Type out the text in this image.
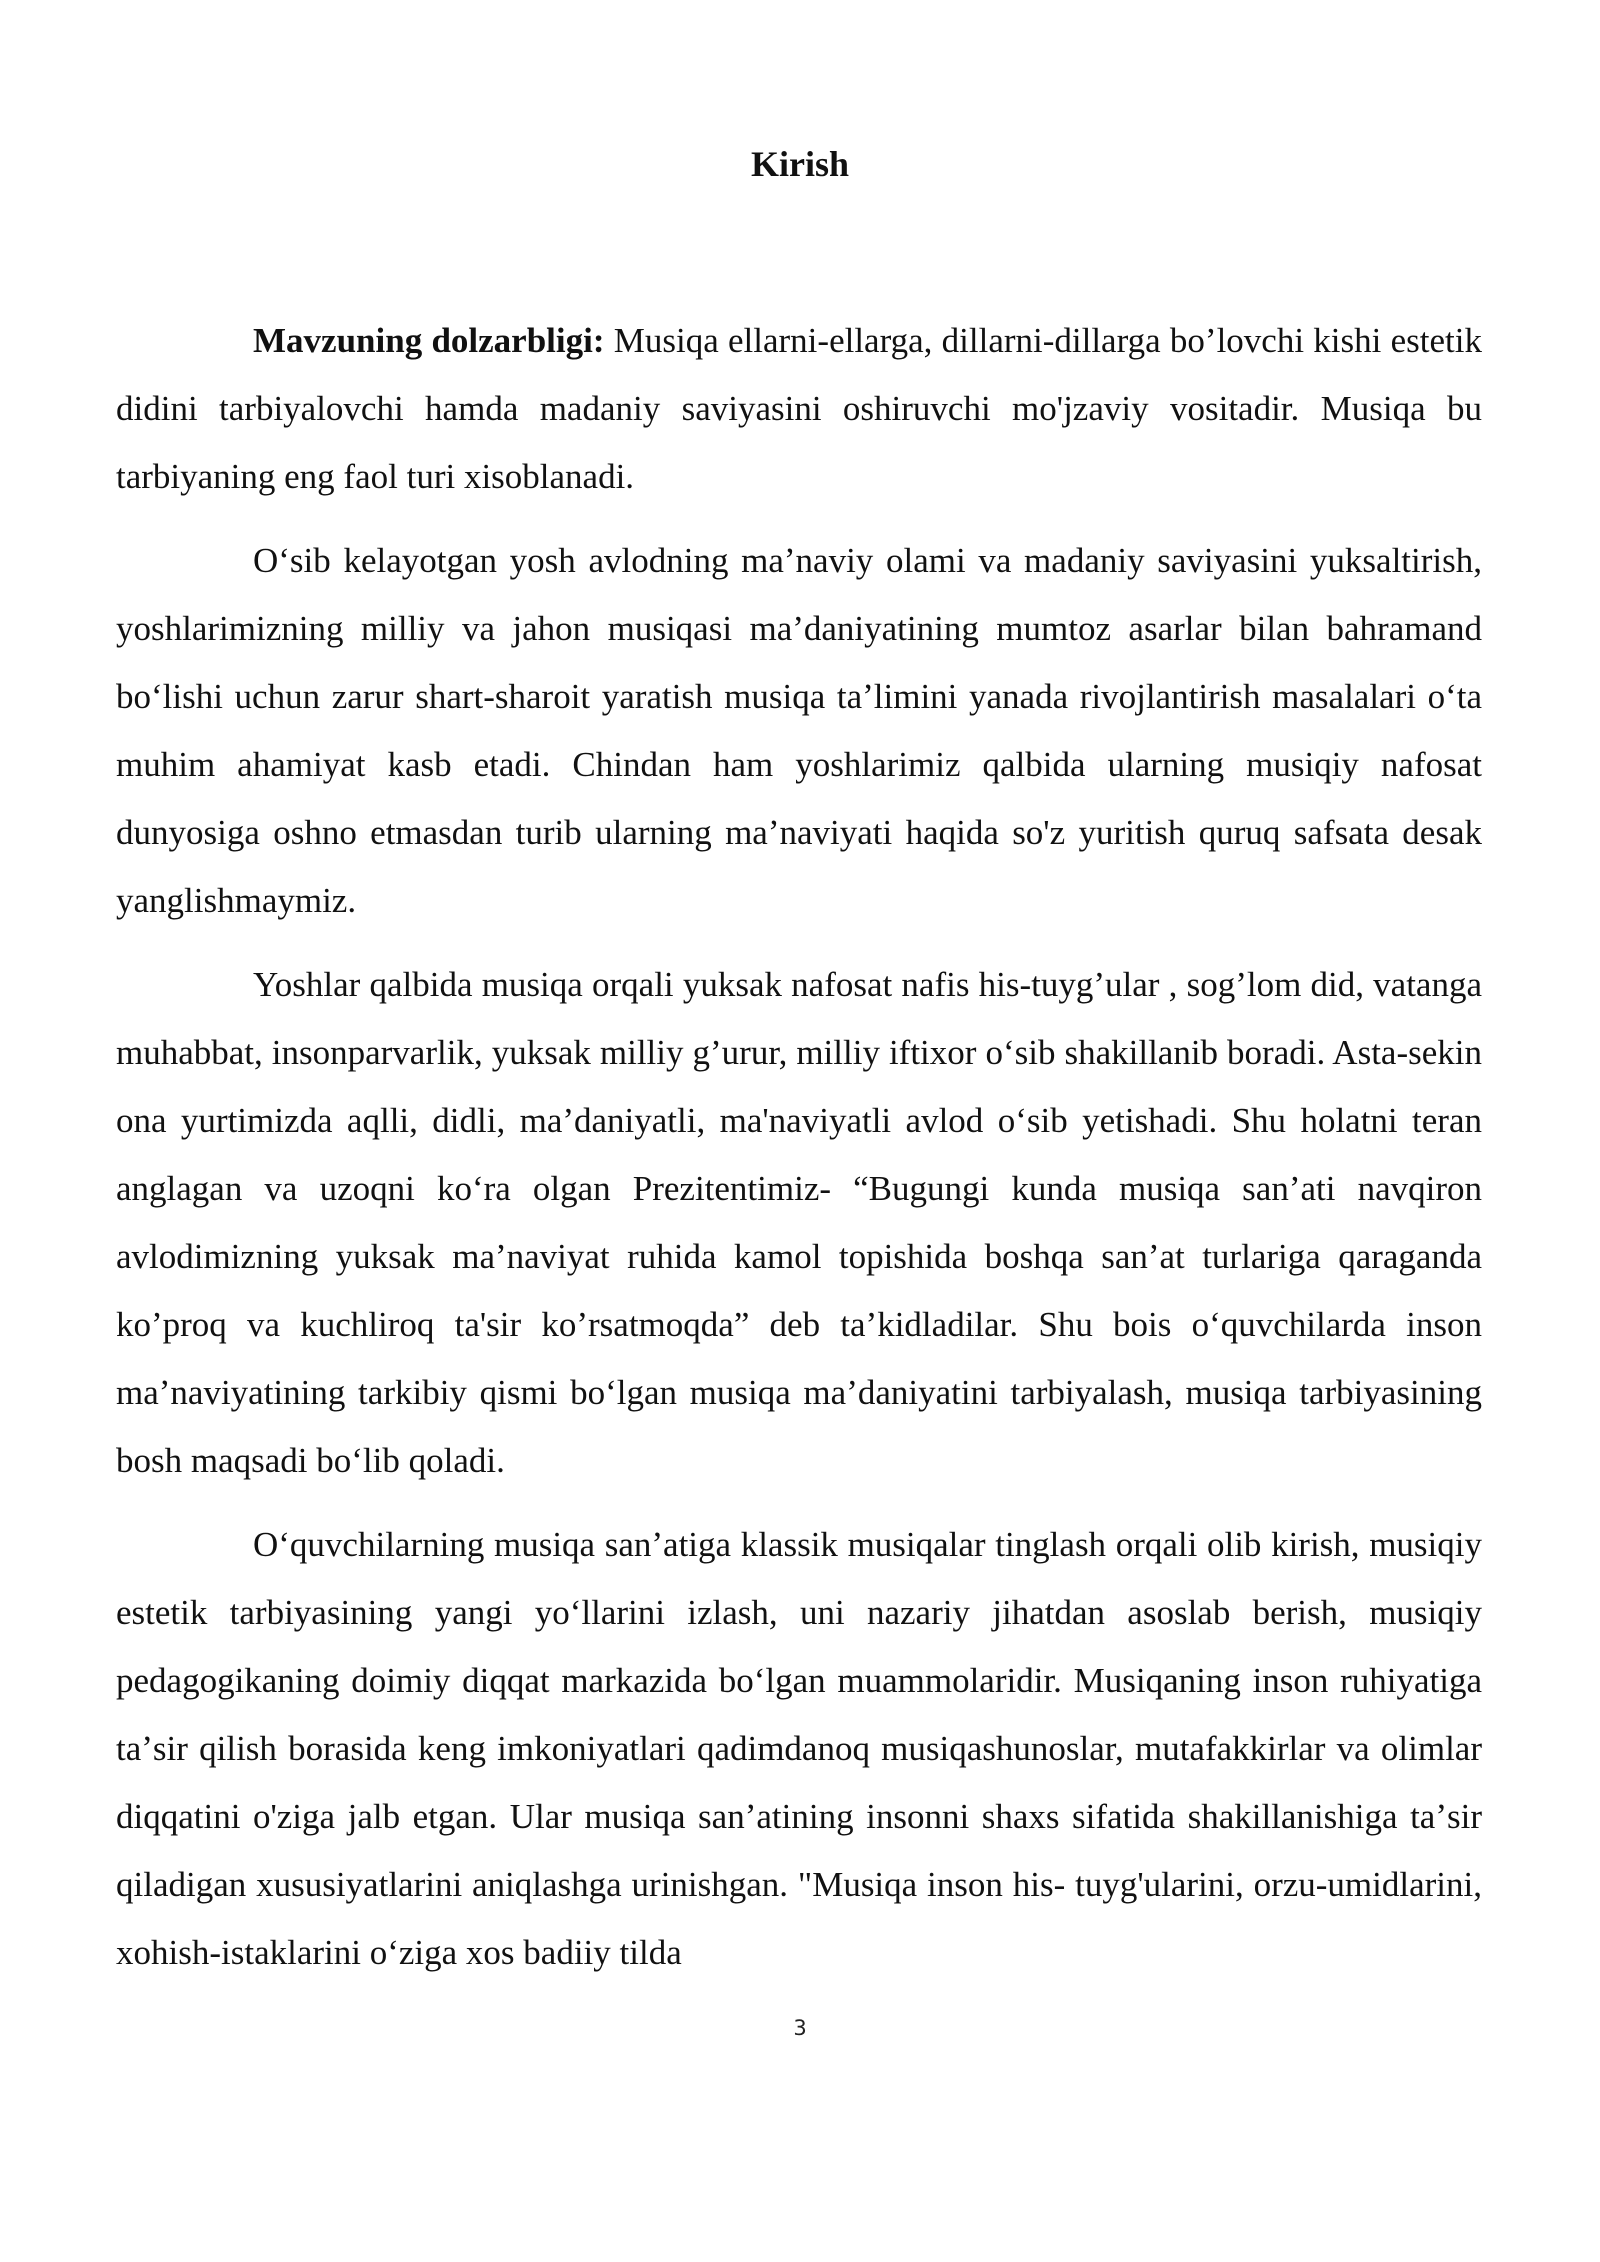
Kirish

Mavzuning dolzarbligi: Musiqa ellarni-ellarga, dillarni-dillarga bo’lovchi kishi estetik didini tarbiyalovchi hamda madaniy saviyasini oshiruvchi mo'jzaviy vositadir. Musiqa bu tarbiyaning eng faol turi xisoblanadi.

Oʻsib kelayotgan yosh avlodning maʼnaviy olami va madaniy saviyasini yuksaltirish, yoshlarimizning milliy va jahon musiqasi ma’daniyatining mumtoz asarlar bilan bahramand boʻlishi uchun zarur shart-sharoit yaratish musiqa taʼlimini yanada rivojlantirish masalalari oʻta muhim ahamiyat kasb etadi. Chindan ham yoshlarimiz qalbida ularning musiqiy nafosat dunyosiga oshno etmasdan turib ularning maʼnaviyati haqida so'z yuritish quruq safsata desak yanglishmaymiz.

Yoshlar qalbida musiqa orqali yuksak nafosat nafis his-tuyg’ular , sog’lom did, vatanga muhabbat, insonparvarlik, yuksak milliy g’urur, milliy iftixor oʻsib shakillanib boradi. Asta-sekin ona yurtimizda aqlli, didli, ma’daniyatli, ma'naviyatli avlod oʻsib yetishadi. Shu holatni teran anglagan va uzoqni koʻra olgan Prezitentimiz- “Bugungi kunda musiqa san’ati navqiron avlodimizning yuksak ma’naviyat ruhida kamol topishida boshqa san’at turlariga qaraganda ko’proq va kuchliroq ta'sir ko’rsatmoqda” deb ta’kidladilar. Shu bois oʻquvchilarda inson maʼnaviyatining tarkibiy qismi boʻlgan musiqa ma’daniyatini tarbiyalash, musiqa tarbiyasining bosh maqsadi boʻlib qoladi.

Oʻquvchilarning musiqa sanʼatiga klassik musiqalar tinglash orqali olib kirish, musiqiy estetik tarbiyasining yangi yoʻllarini izlash, uni nazariy jihatdan asoslab berish, musiqiy pedagogikaning doimiy diqqat markazida boʻlgan muammolaridir. Musiqaning inson ruhiyatiga taʼsir qilish borasida keng imkoniyatlari qadimdanoq musiqashunoslar, mutafakkirlar va olimlar diqqatini o'ziga jalb etgan. Ular musiqa sanʼatining insonni shaxs sifatida shakillanishiga taʼsir qiladigan xususiyatlarini aniqlashga urinishgan. "Musiqa inson his- tuyg'ularini, orzu-umidlarini, xohish-istaklarini oʻziga xos badiiy tilda

3
